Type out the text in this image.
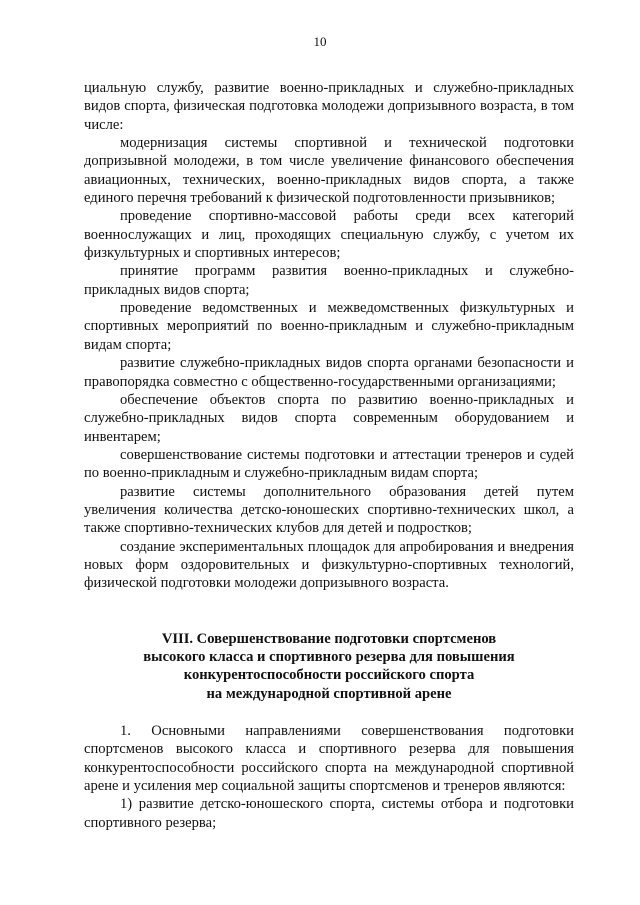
10

циальную службу, развитие военно-прикладных и служебно-прикладных видов спорта, физическая подготовка молодежи допризывного возраста, в том числе:

модернизация системы спортивной и технической подготовки допризывной молодежи, в том числе увеличение финансового обеспечения авиационных, технических, военно-прикладных видов спорта, а также единого перечня требований к физической подготовленности призывников;

проведение спортивно-массовой работы среди всех категорий военнослужащих и лиц, проходящих специальную службу, с учетом их физкультурных и спортивных интересов;

принятие программ развития военно-прикладных и служебно-прикладных видов спорта;

проведение ведомственных и межведомственных физкультурных и спортивных мероприятий по военно-прикладным и служебно-прикладным видам спорта;

развитие служебно-прикладных видов спорта органами безопасности и правопорядка совместно с общественно-государственными организациями;

обеспечение объектов спорта по развитию военно-прикладных и служебно-прикладных видов спорта современным оборудованием и инвентарем;

совершенствование системы подготовки и аттестации тренеров и судей по военно-прикладным и служебно-прикладным видам спорта;

развитие системы дополнительного образования детей путем увеличения количества детско-юношеских спортивно-технических школ, а также спортивно-технических клубов для детей и подростков;

создание экспериментальных площадок для апробирования и внедрения новых форм оздоровительных и физкультурно-спортивных технологий, физической подготовки молодежи допризывного возраста.

VIII. Совершенствование подготовки спортсменов
высокого класса и спортивного резерва для повышения
конкурентоспособности российского спорта
на международной спортивной арене

1. Основными направлениями совершенствования подготовки спортсменов высокого класса и спортивного резерва для повышения конкурентоспособности российского спорта на международной спортивной арене и усиления мер социальной защиты спортсменов и тренеров являются:

1) развитие детско-юношеского спорта, системы отбора и подготовки спортивного резерва;
